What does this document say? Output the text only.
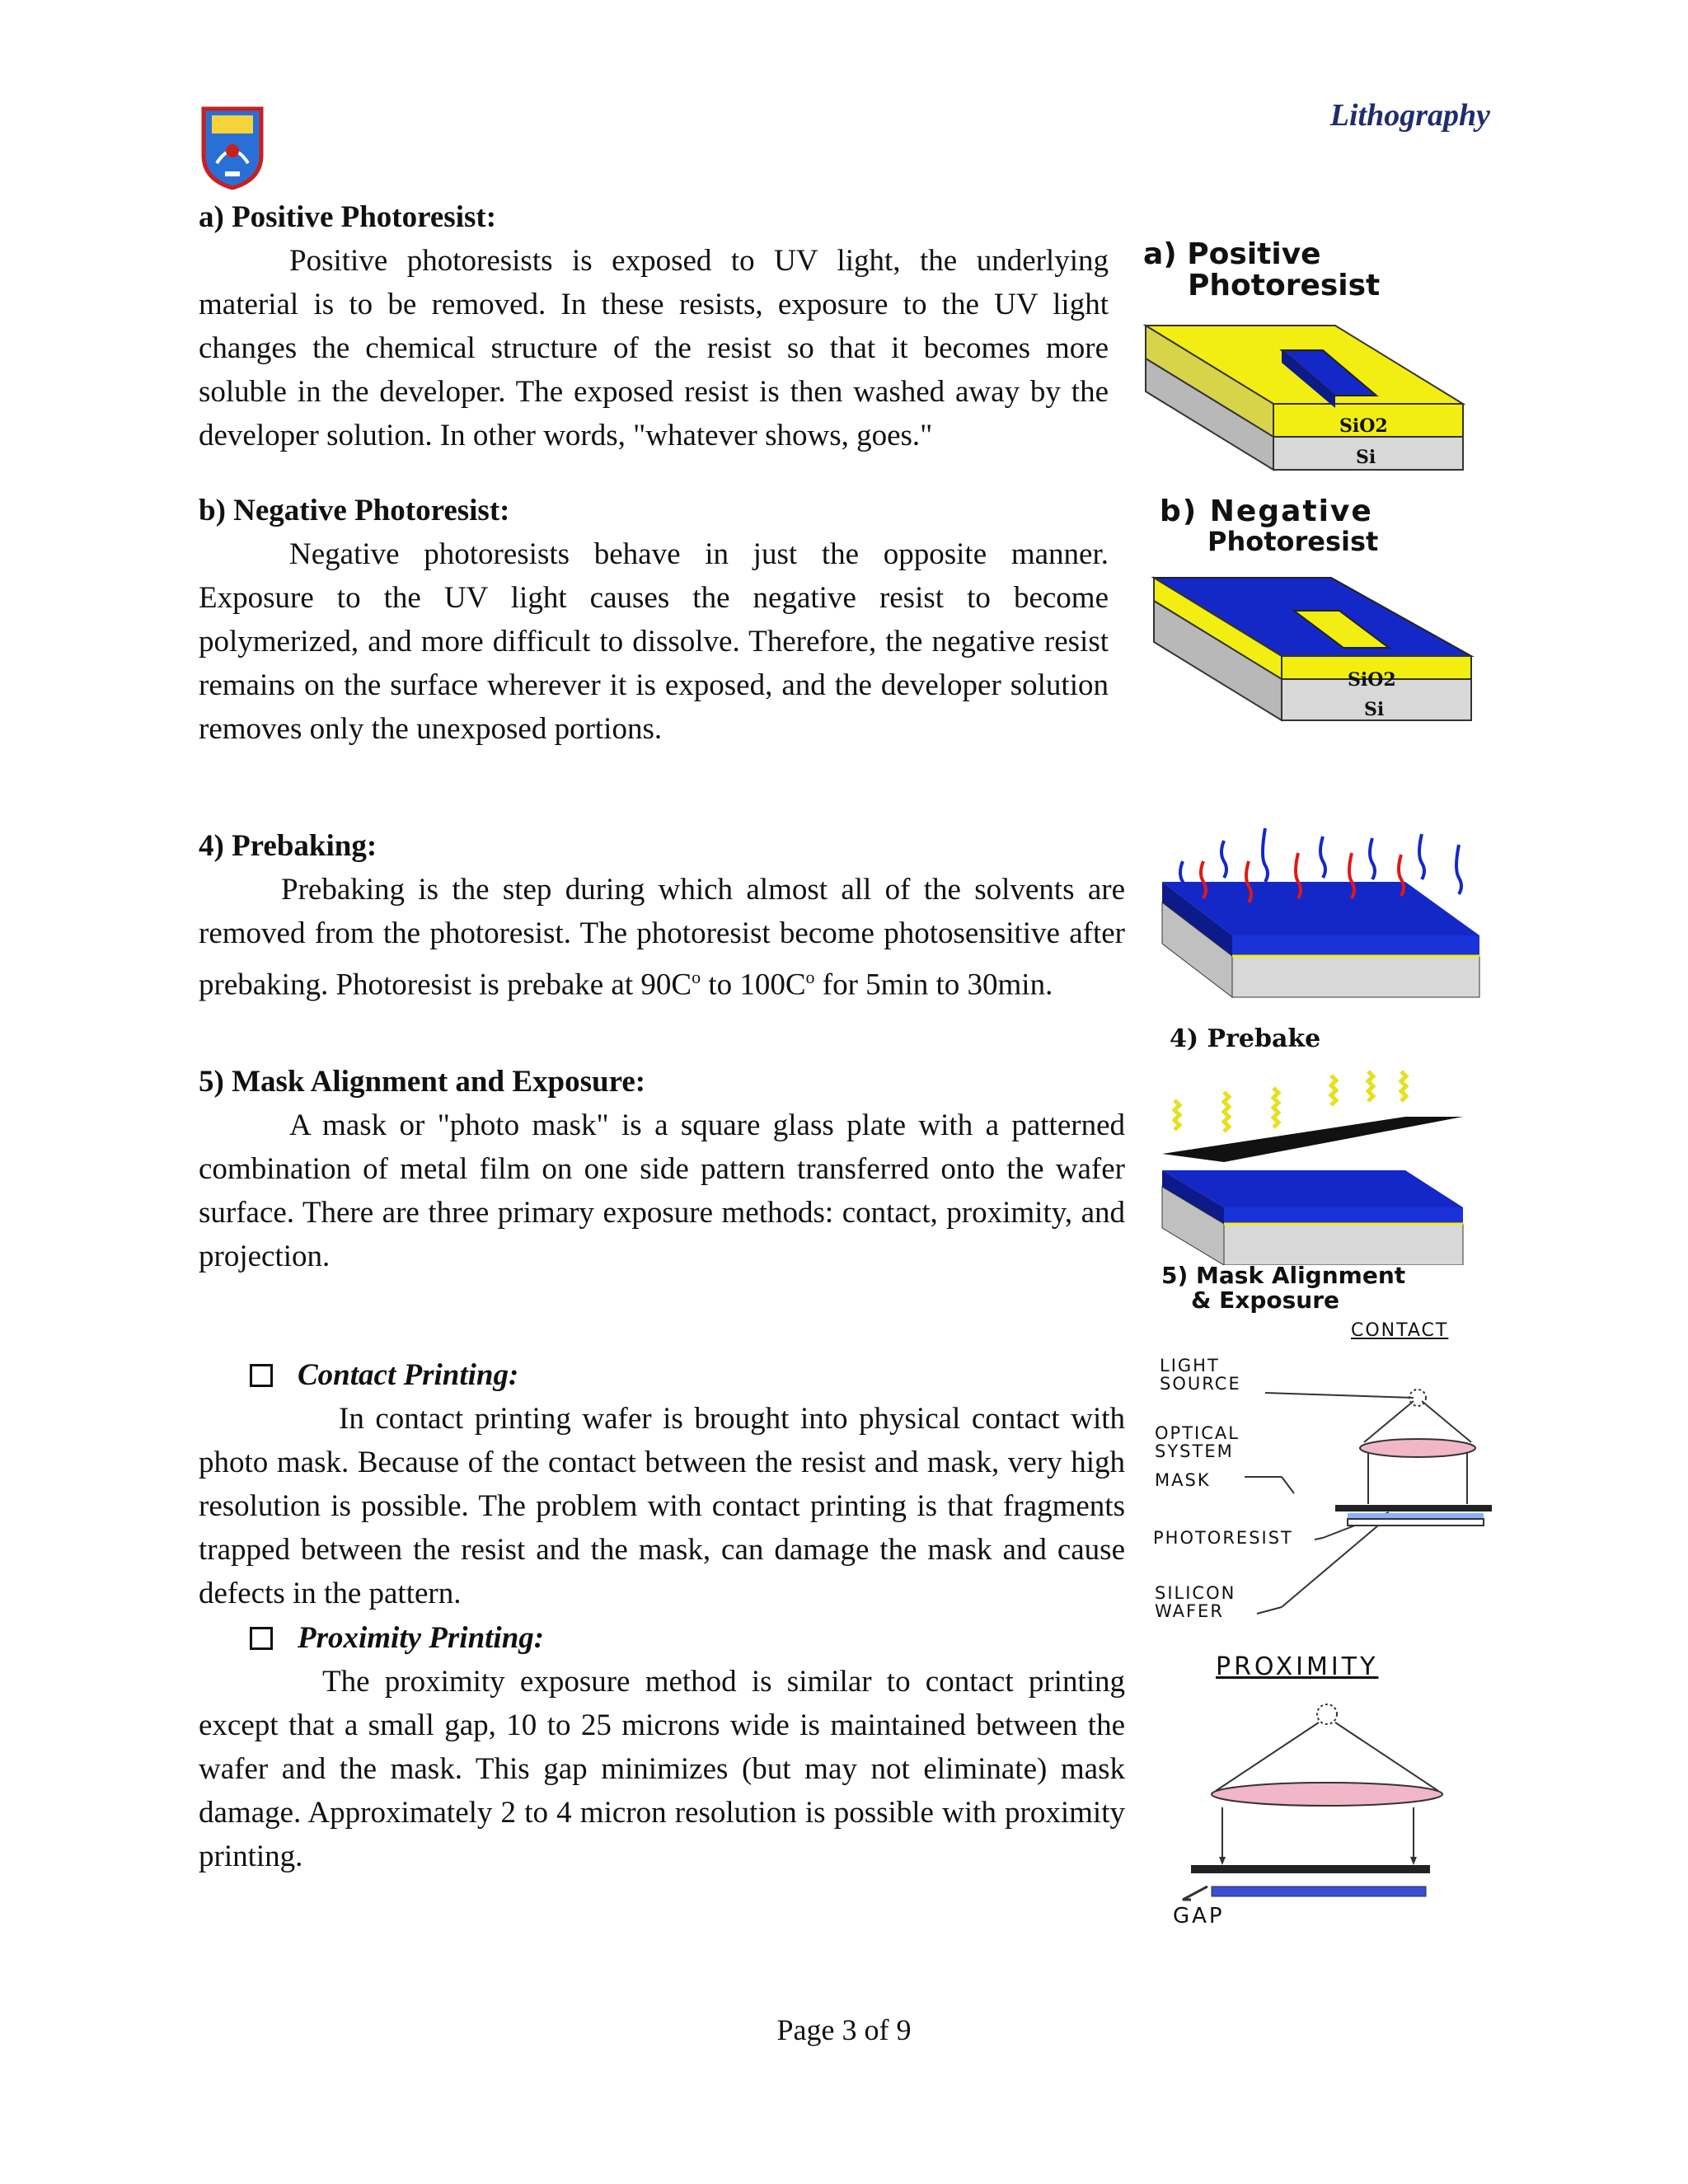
Lithography
a) Positive Photoresist:

Positive photoresists is exposed to UV light, the underlying material is to be removed. In these resists, exposure to the UV light changes the chemical structure of the resist so that it becomes more soluble in the developer. The exposed resist is then washed away by the developer solution. In other words, "whatever shows, goes."

b) Negative Photoresist:

Negative photoresists behave in just the opposite manner. Exposure to the UV light causes the negative resist to become polymerized, and more difficult to dissolve. Therefore, the negative resist remains on the surface wherever it is exposed, and the developer solution removes only the unexposed portions.

4) Prebaking:

Prebaking is the step during which almost all of the solvents are removed from the photoresist. The photoresist become photosensitive after prebaking. Photoresist is prebake at $90C^o$ to $100C^o$ for 5min to 30min.

5) Mask Alignment and Exposure:

A mask or "photo mask" is a square glass plate with a patterned combination of metal film on one side pattern transferred onto the wafer surface. There are three primary exposure methods: contact, proximity, and projection.

Contact Printing:

In contact printing wafer is brought into physical contact with photo mask. Because of the contact between the resist and mask, very high resolution is possible. The problem with contact printing is that fragments trapped between the resist and the mask, can damage the mask and cause defects in the pattern.

Proximity Printing:

The proximity exposure method is similar to contact printing except that a small gap, 10 to 25 microns wide is maintained between the wafer and the mask. This gap minimizes (but may not eliminate) mask damage. Approximately 2 to 4 micron resolution is possible with proximity printing.

a) Positive
Photoresist
SiO2
Si
b) Negative
Photoresist
SiO2
Si
4) Prebake
5) Mask Alignment
& Exposure
CONTACT
LIGHT
SOURCE
OPTICAL
SYSTEM
MASK
PHOTORESIST
SILICON
WAFER
PROXIMITY
GAP
Page 3 of 9
